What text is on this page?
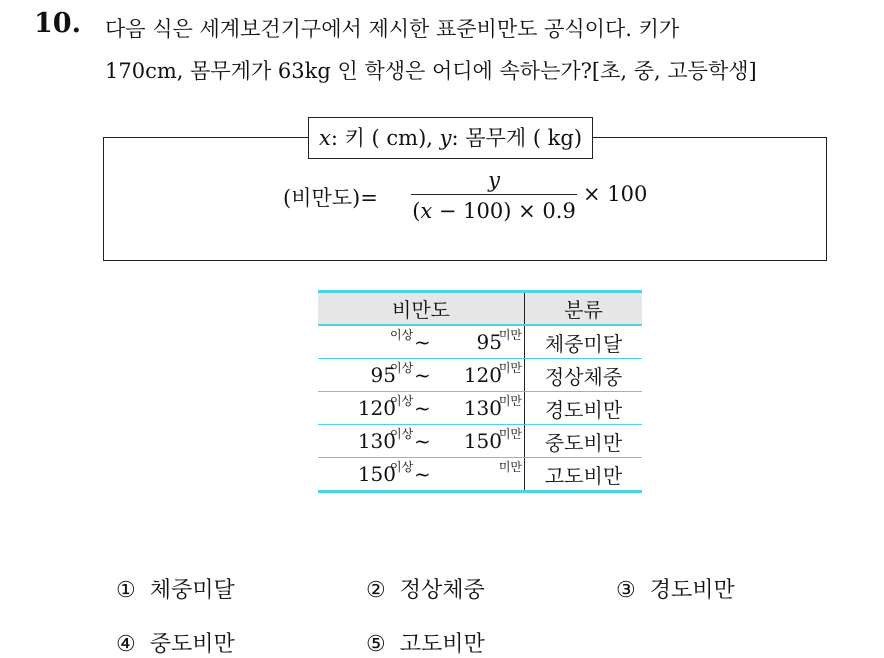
10. 다음 식은 세계보건기구에서 제시한 표준비만도 공식이다. 키가
170cm, 몸무게가 63kg 인 학생은 어디에 속하는가?[초, 중, 고등학생]
x: 키 ( cm), y: 몸무게 ( kg)
(비만도)=
y
(x − 100) × 0.9
× 100
비만도	분류

이상 ~ 95
미만	체중미달

95
이상 ~ 120
미만	정상체중

120
이상 ~ 130
미만	경도비만

130
이상 ~ 150
미만	중도비만

150
이상 ~ 미만	고도비만
① 체중미달	② 정상체중	③ 경도비만
④ 중도비만	⑤ 고도비만
